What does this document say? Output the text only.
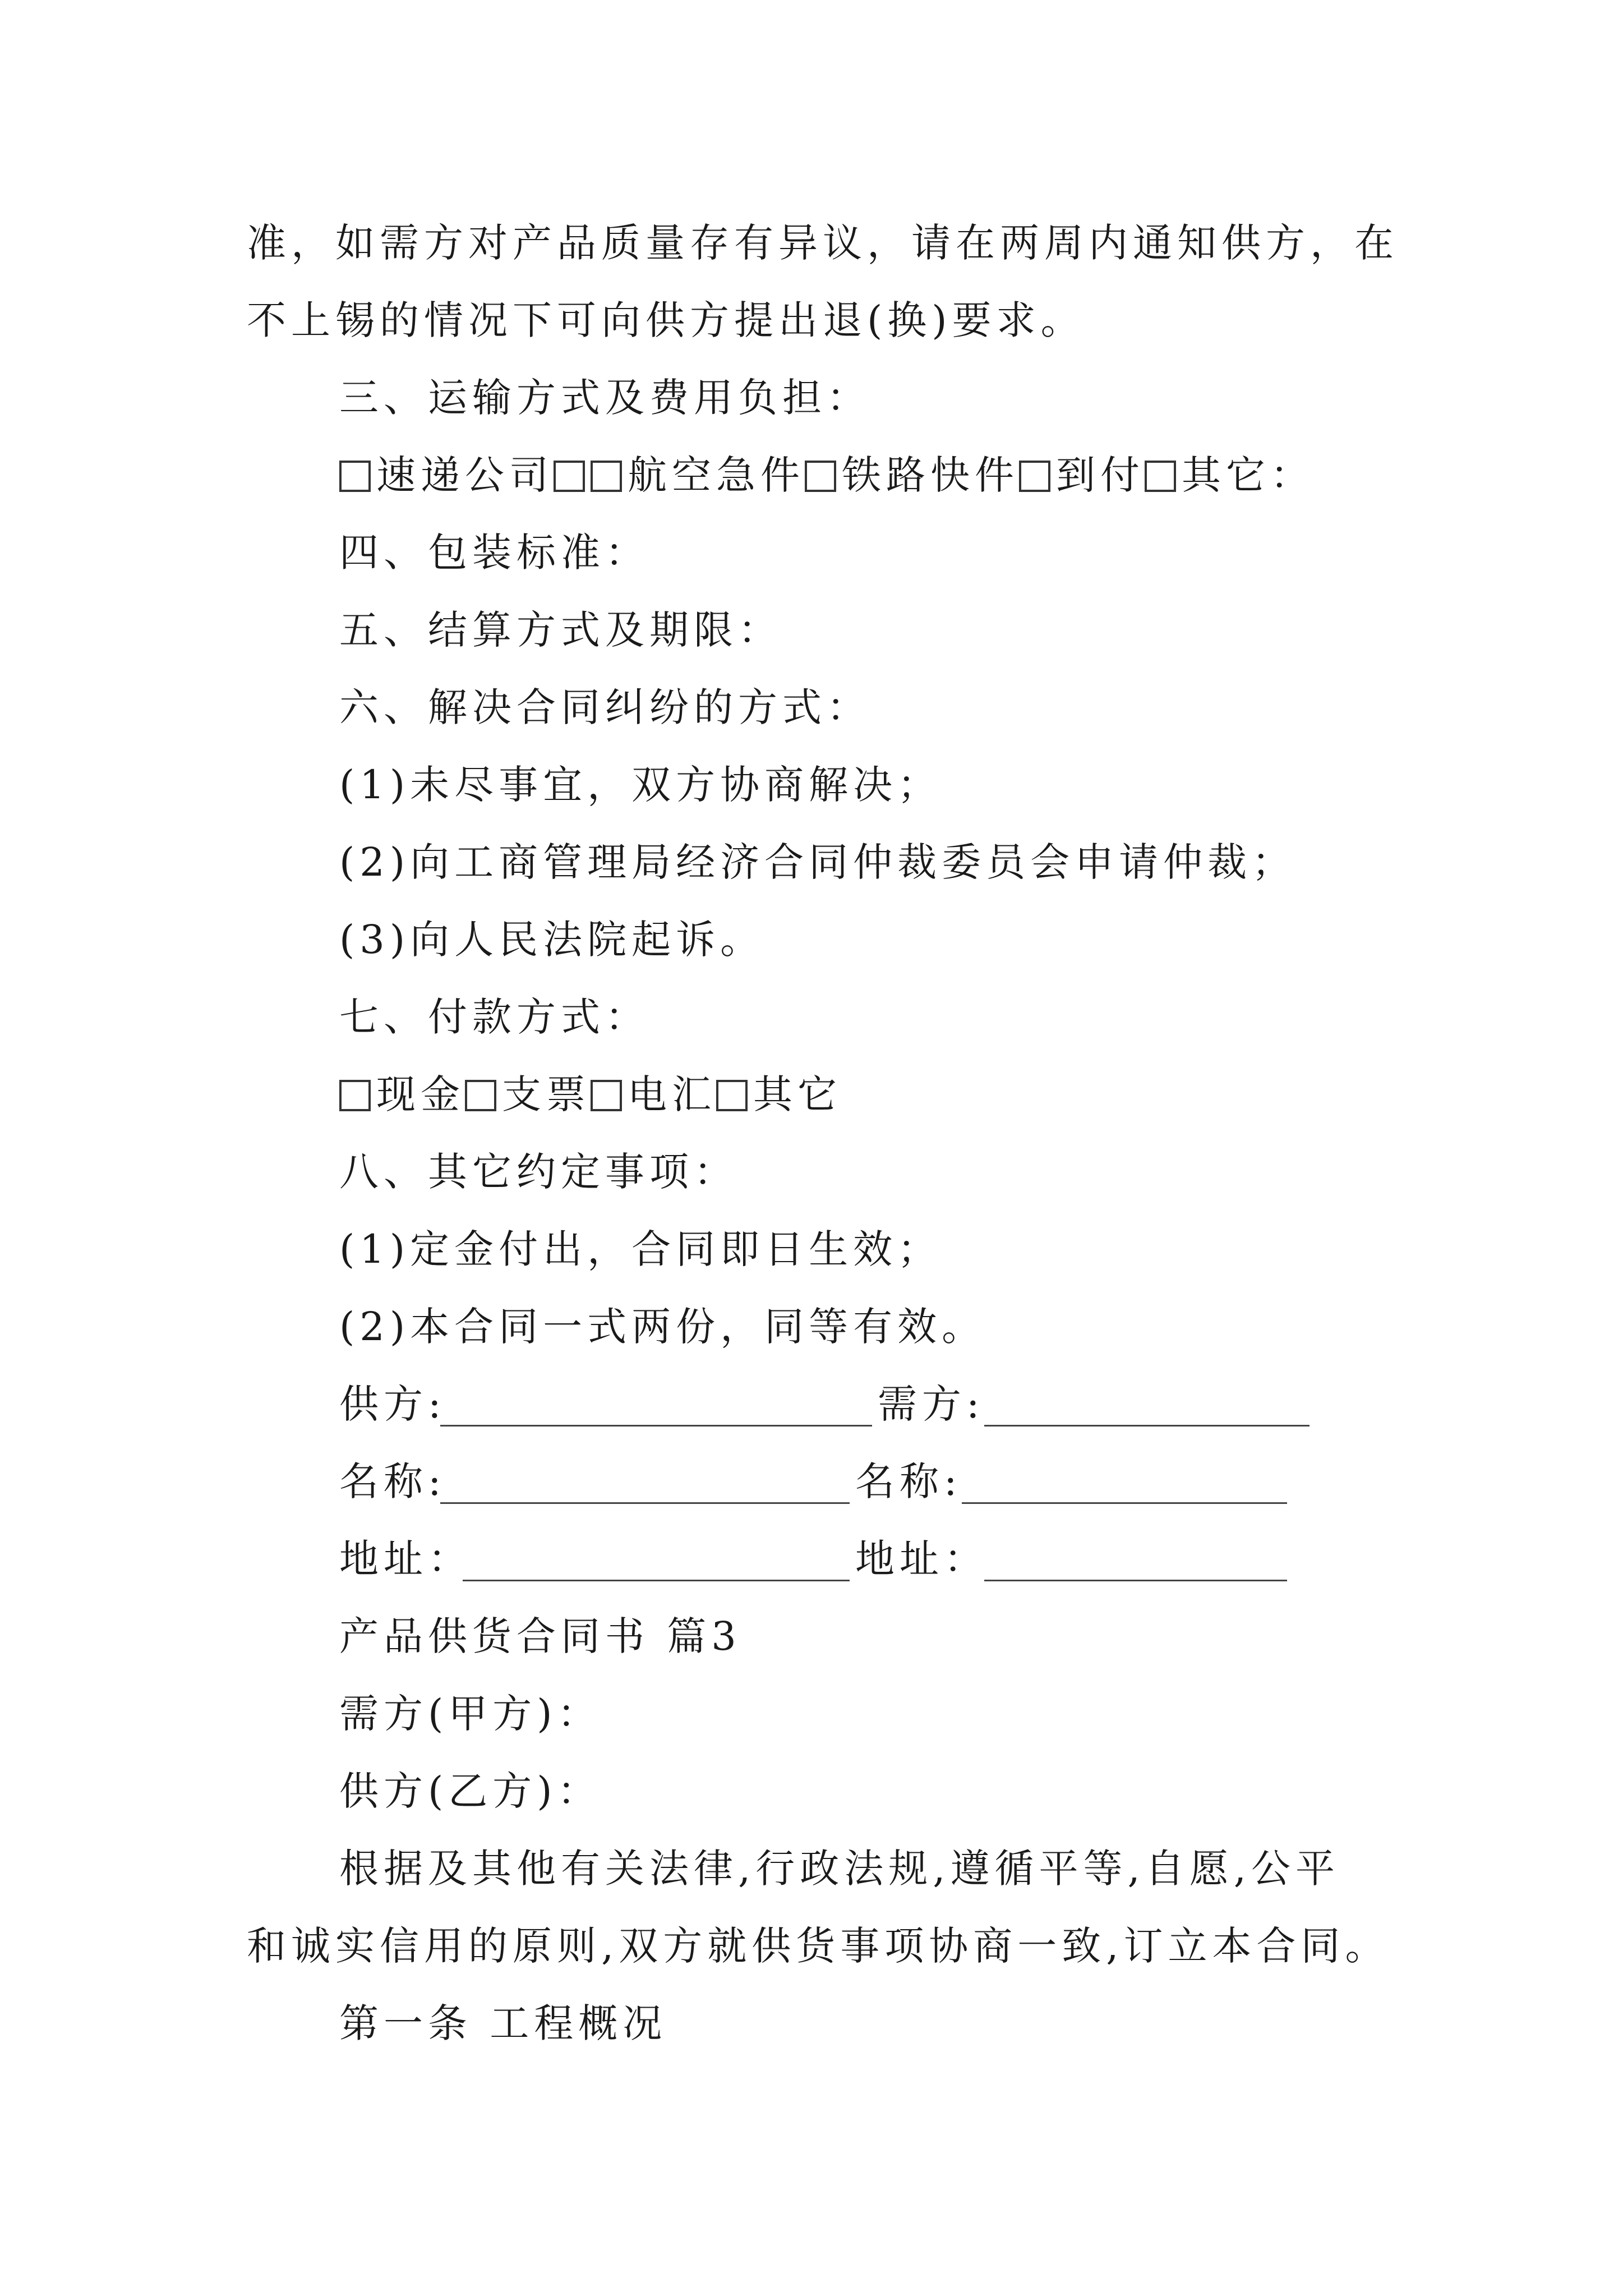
准，如需方对产品质量存有异议，请在两周内通知供方，在
不上锡的情况下可向供方提出退(换)要求。
三、运输方式及费用负担：
速递公司 航空急件 铁路快件 到付 其它：
四、包装标准：
五、结算方式及期限：
六、解决合同纠纷的方式：
(1)未尽事宜，双方协商解决；
(2)向工商管理局经济合同仲裁委员会申请仲裁；
(3)向人民法院起诉。
七、付款方式：
现金 支票 电汇 其它
八、其它约定事项：
(1)定金付出，合同即日生效；
(2)本合同一式两份，同等有效。
供方:	需方:
名称:	名称:
地址：	地址：
产品供货合同书 篇3
需方(甲方)：
供方(乙方)：
根据及其他有关法律,行政法规,遵循平等,自愿,公平
和诚实信用的原则,双方就供货事项协商一致,订立本合同。
第一条 工程概况
